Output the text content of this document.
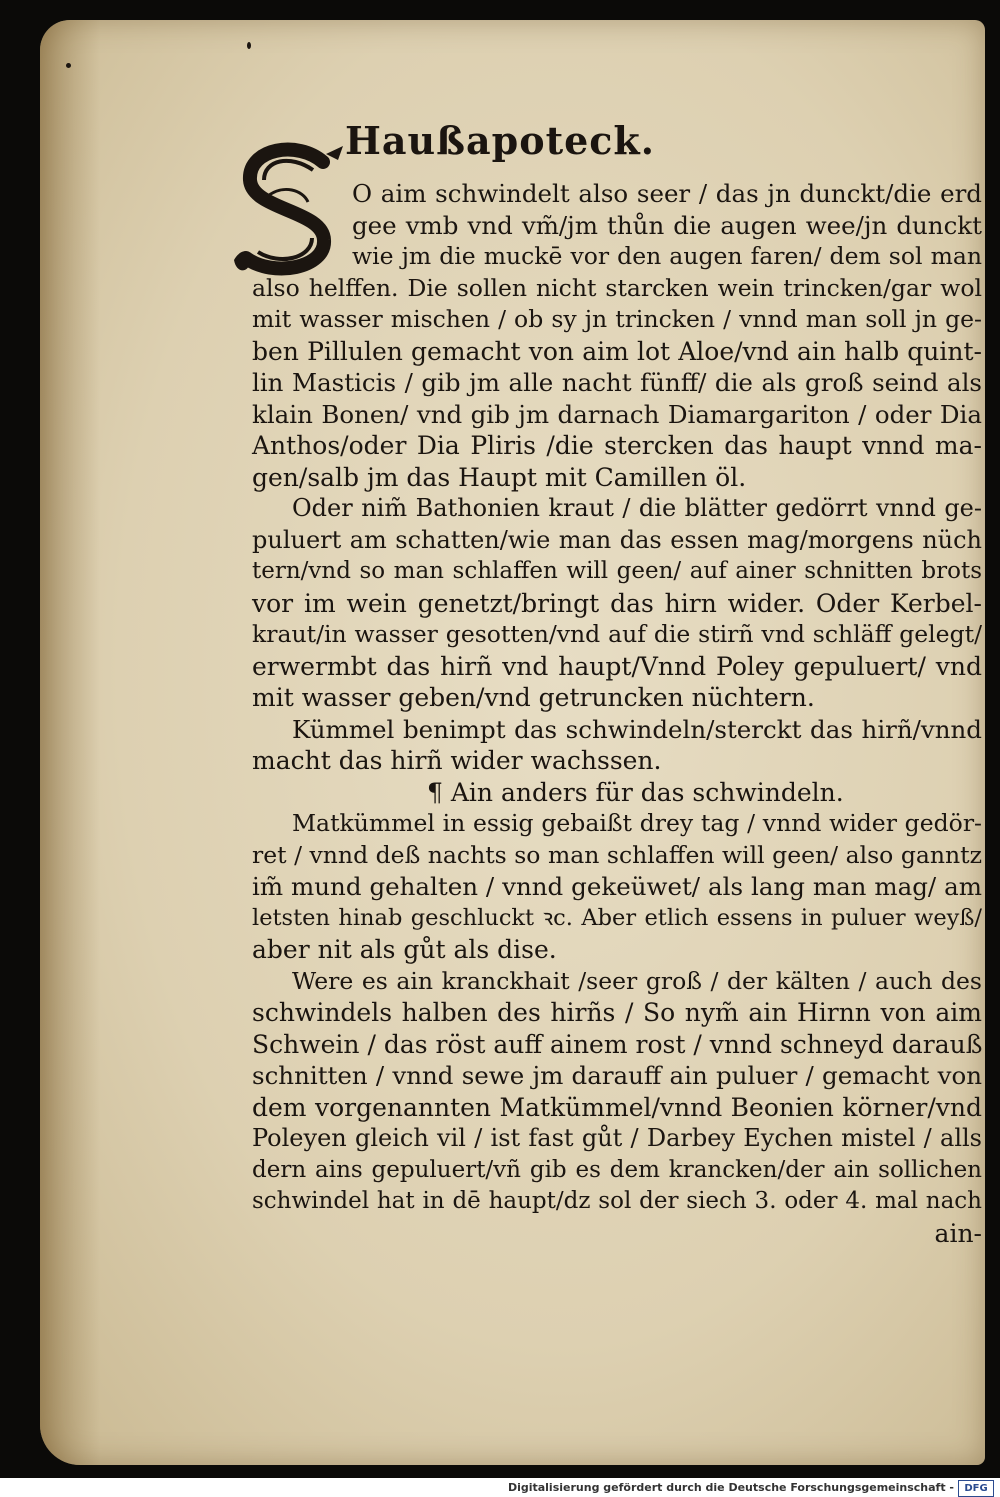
Haußapoteck.
O aim schwindelt also seer / das jn dunckt/die erd
gee vmb vnd vm̃/jm thůn die augen wee/jn dunckt
wie jm die muckē vor den augen faren/ dem sol man
also helffen. Die sollen nicht starcken wein trincken/gar wol
mit wasser mischen / ob sy jn trincken / vnnd man soll jn ge-
ben Pillulen gemacht von aim lot Aloe/vnd ain halb quint-
lin Masticis / gib jm alle nacht fünff/ die als groß seind als
klain Bonen/ vnd gib jm darnach Diamargariton / oder Dia
Anthos/oder Dia Pliris /die stercken das haupt vnnd ma-
gen/salb jm das Haupt mit Camillen öl.
Oder nim̃ Bathonien kraut / die blätter gedörrt vnnd ge-
puluert am schatten/wie man das essen mag/morgens nüch
tern/vnd so man schlaffen will geen/ auf ainer schnitten brots
vor im wein genetzt/bringt das hirn wider. Oder Kerbel-
kraut/in wasser gesotten/vnd auf die stirñ vnd schläff gelegt/
erwermbt das hirñ vnd haupt/Vnnd Poley gepuluert/ vnd
mit wasser geben/vnd getruncken nüchtern.
Kümmel benimpt das schwindeln/sterckt das hirñ/vnnd
macht das hirñ wider wachssen.
¶ Ain anders für das schwindeln.
Matkümmel in essig gebaißt drey tag / vnnd wider gedör-
ret / vnnd deß nachts so man schlaffen will geen/ also ganntz
im̃ mund gehalten / vnnd gekeüwet/ als lang man mag/ am
letsten hinab geschluckt ꝛc. Aber etlich essens in puluer weyß/
aber nit als gůt als dise.
Were es ain kranckhait /seer groß / der kälten / auch des
schwindels halben des hirñs / So nym̃ ain Hirnn von aim
Schwein / das röst auff ainem rost / vnnd schneyd darauß
schnitten / vnnd sewe jm darauff ain puluer / gemacht von
dem vorgenannten Matkümmel/vnnd Beonien körner/vnd
Poleyen gleich vil / ist fast gůt / Darbey Eychen mistel / alls
dern ains gepuluert/vñ gib es dem krancken/der ain sollichen
schwindel hat in dē haupt/dz sol der siech 3. oder 4. mal nach
ain-
Digitalisierung gefördert durch die Deutsche Forschungsgemeinschaft -	DFG
